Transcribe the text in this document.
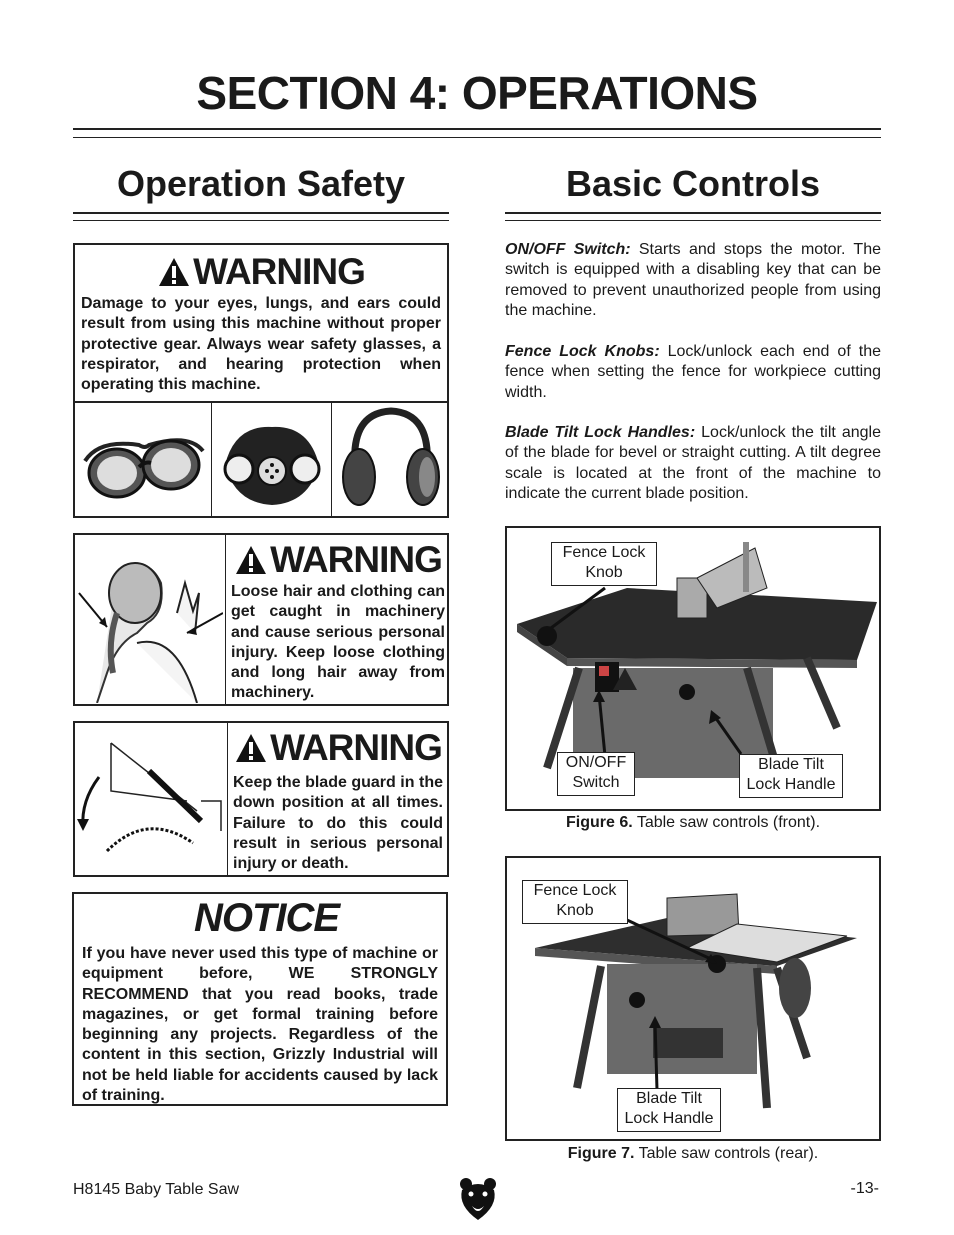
SECTION 4: OPERATIONS
Operation Safety	Basic Controls
WARNING
Damage to your eyes, lungs, and ears could result from using this machine without proper protective gear. Always wear safety glasses, a respirator, and hearing protection when operating this machine.
WARNING
Loose hair and clothing can get caught in machinery and cause serious personal injury. Keep loose clothing and long hair away from machinery.
WARNING
Keep the blade guard in the down position at all times. Failure to do this could result in serious personal injury or death.
NOTICE
If you have never used this type of machine or equipment before, WE STRONGLY RECOMMEND that you read books, trade magazines, or get formal training before beginning any projects. Regardless of the content in this section, Grizzly Industrial will not be held liable for accidents caused by lack of training.
ON/OFF Switch: Starts and stops the motor. The switch is equipped with a disabling key that can be removed to prevent unauthorized people from using the machine.
Fence Lock Knobs: Lock/unlock each end of the fence when setting the fence for workpiece cutting width.
Blade Tilt Lock Handles: Lock/unlock the tilt angle of the blade for bevel or straight cutting. A tilt degree scale is located at the front of the machine to indicate the current blade position.
Fence Lock Knob
ON/OFF Switch
Blade Tilt Lock Handle
Figure 6. Table saw controls (front).
Fence Lock Knob
Blade Tilt Lock Handle
Figure 7. Table saw controls (rear).
H8145 Baby Table Saw	-13-
